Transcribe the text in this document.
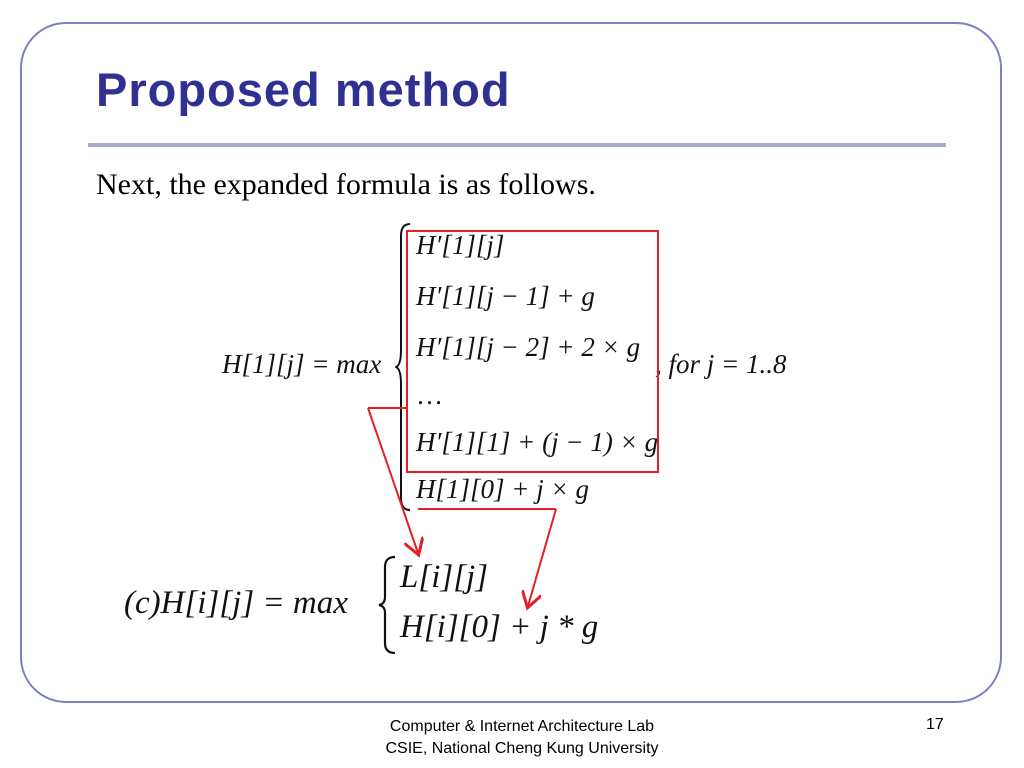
Proposed method
Next, the expanded formula is as follows.
H[1][j] = max
H′[1][j]
H′[1][j − 1] + g
H′[1][j − 2] + 2 × g
…
H′[1][1] + (j − 1) × g
H[1][0] + j × g
, for j = 1..8
(c)H[i][j] = max
L[i][j]
H[i][0] + j * g
Computer & Internet Architecture Lab
CSIE, National Cheng Kung University
17
